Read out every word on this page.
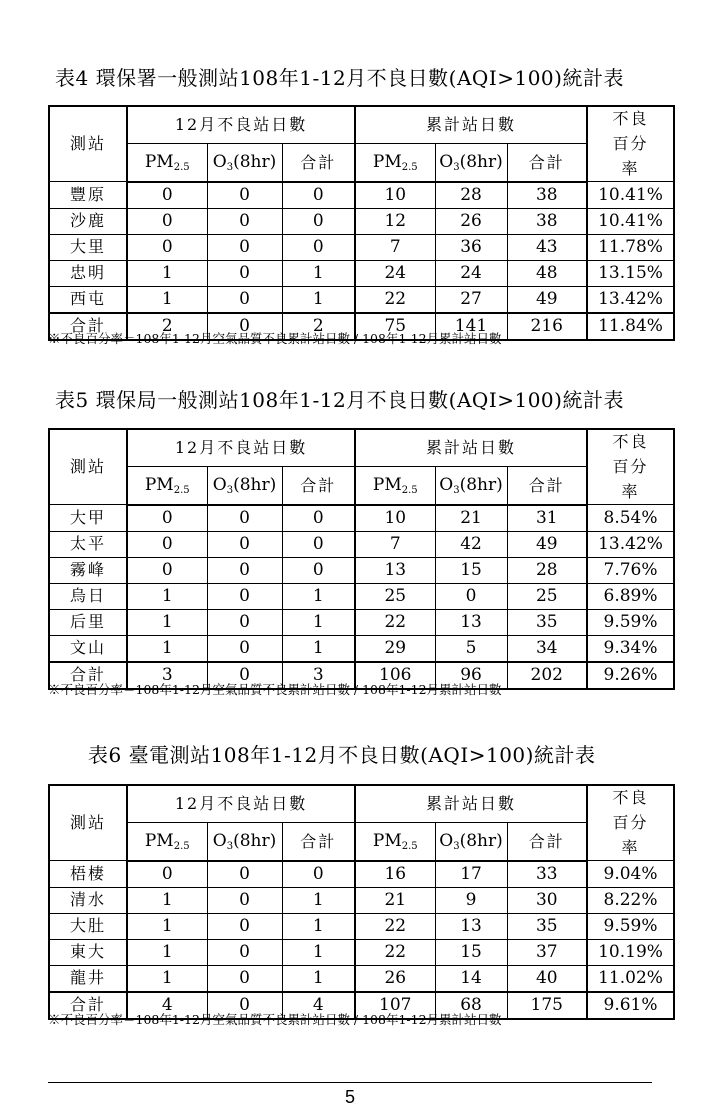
表4 環保署一般測站108年1-12月不良日數(AQI>100)統計表
測站	12月不良站日數			累計站日數			不良百分率
	$PM_{2.5}$	$O_3(8hr)$	合計	$PM_{2.5}$	$O_3(8hr)$	合計	
豐原	0	0	0	10	28	38	10.41%
沙鹿	0	0	0	12	26	38	10.41%
大里	0	0	0	7	36	43	11.78%
忠明	1	0	1	24	24	48	13.15%
西屯	1	0	1	22	27	49	13.42%
合計	2	0	2	75	141	216	11.84%
※不良百分率＝108年1-12月空氣品質不良累計站日數 / 108年1-12月累計站日數
表5 環保局一般測站108年1-12月不良日數(AQI>100)統計表
測站	12月不良站日數			累計站日數			不良百分率
	$PM_{2.5}$	$O_3(8hr)$	合計	$PM_{2.5}$	$O_3(8hr)$	合計	
大甲	0	0	0	10	21	31	8.54%
太平	0	0	0	7	42	49	13.42%
霧峰	0	0	0	13	15	28	7.76%
烏日	1	0	1	25	0	25	6.89%
后里	1	0	1	22	13	35	9.59%
文山	1	0	1	29	5	34	9.34%
合計	3	0	3	106	96	202	9.26%
※不良百分率＝108年1-12月空氣品質不良累計站日數 / 108年1-12月累計站日數
表6 臺電測站108年1-12月不良日數(AQI>100)統計表
測站	12月不良站日數			累計站日數			不良百分率
	$PM_{2.5}$	$O_3(8hr)$	合計	$PM_{2.5}$	$O_3(8hr)$	合計	
梧棲	0	0	0	16	17	33	9.04%
清水	1	0	1	21	9	30	8.22%
大肚	1	0	1	22	13	35	9.59%
東大	1	0	1	22	15	37	10.19%
龍井	1	0	1	26	14	40	11.02%
合計	4	0	4	107	68	175	9.61%
※不良百分率＝108年1-12月空氣品質不良累計站日數 / 108年1-12月累計站日數
5
